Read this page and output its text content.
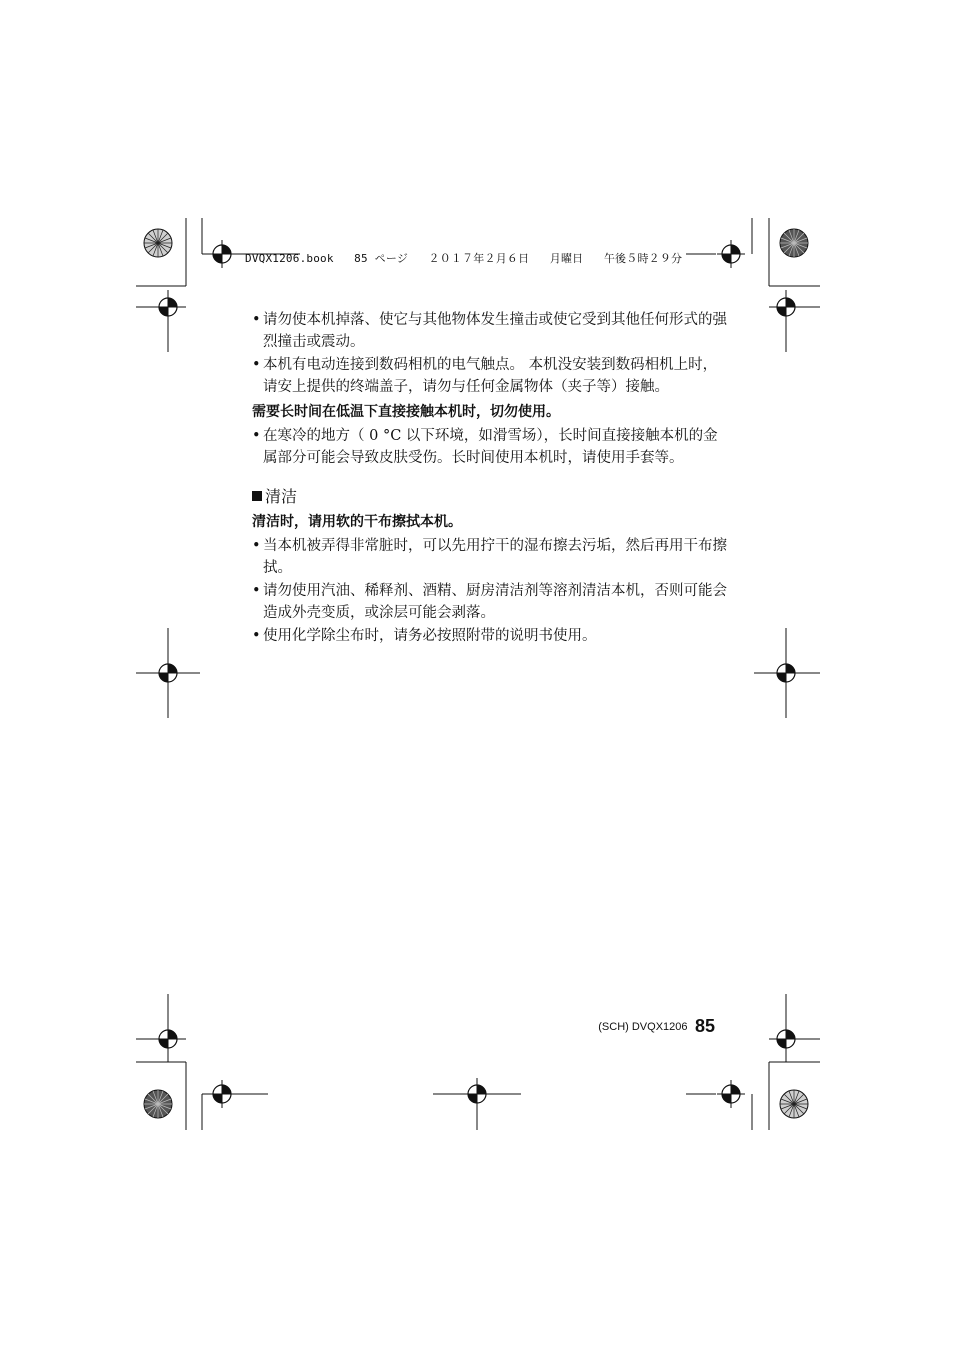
DVQX1206.book 85 ページ ２０１７年２月６日 月曜日 午後５時２９分
• 请勿使本机掉落、使它与其他物体发生撞击或使它受到其他任何形式的强烈撞击或震动。
• 本机有电动连接到数码相机的电气触点。 本机没安装到数码相机上时，请安上提供的终端盖子，请勿与任何金属物体（夹子等）接触。
需要长时间在低温下直接接触本机时，切勿使用。
• 在寒冷的地方（ 0 °C 以下环境，如滑雪场），长时间直接接触本机的金属部分可能会导致皮肤受伤。长时间使用本机时，请使用手套等。
清洁
清洁时，请用软的干布擦拭本机。
• 当本机被弄得非常脏时，可以先用拧干的湿布擦去污垢，然后再用干布擦拭。
• 请勿使用汽油、稀释剂、酒精、厨房清洁剂等溶剂清洁本机，否则可能会造成外壳变质，或涂层可能会剥落。
• 使用化学除尘布时，请务必按照附带的说明书使用。
(SCH) DVQX1206 85
